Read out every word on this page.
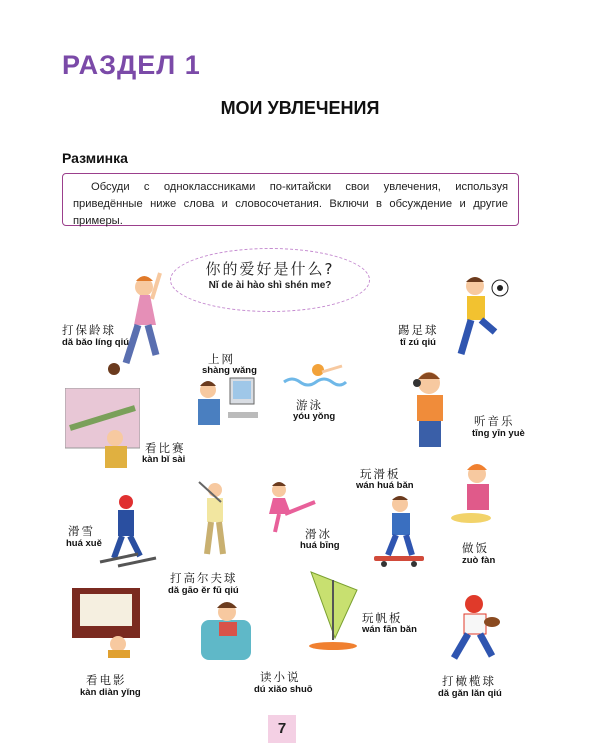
РАЗДЕЛ 1
МОИ УВЛЕЧЕНИЯ
Разминка
Обсуди с одноклассниками по-китайски свои увлечения, используя приведённые ниже слова и словосочетания. Включи в обсуждение и другие примеры.
你的爱好是什么?
Nǐ de ài hào shì shén me?
打保龄球
dǎ bǎo líng qiú
踢足球
tī zú qiú
上网
shàng wǎng
游泳
yóu yǒng	听音乐
tīng yīn yuè
看比赛
kàn bǐ sài
玩滑板
wán huá bǎn
滑雪
huá xuě
滑冰
huá bīng	做饭
zuò fàn
打高尔夫球
dǎ gāo ěr fū qiú
玩帆板
wán fān bǎn
看电影
kàn diàn yǐng
读小说
dú xiǎo shuō
打橄榄球
dǎ gǎn lǎn qiú
7
